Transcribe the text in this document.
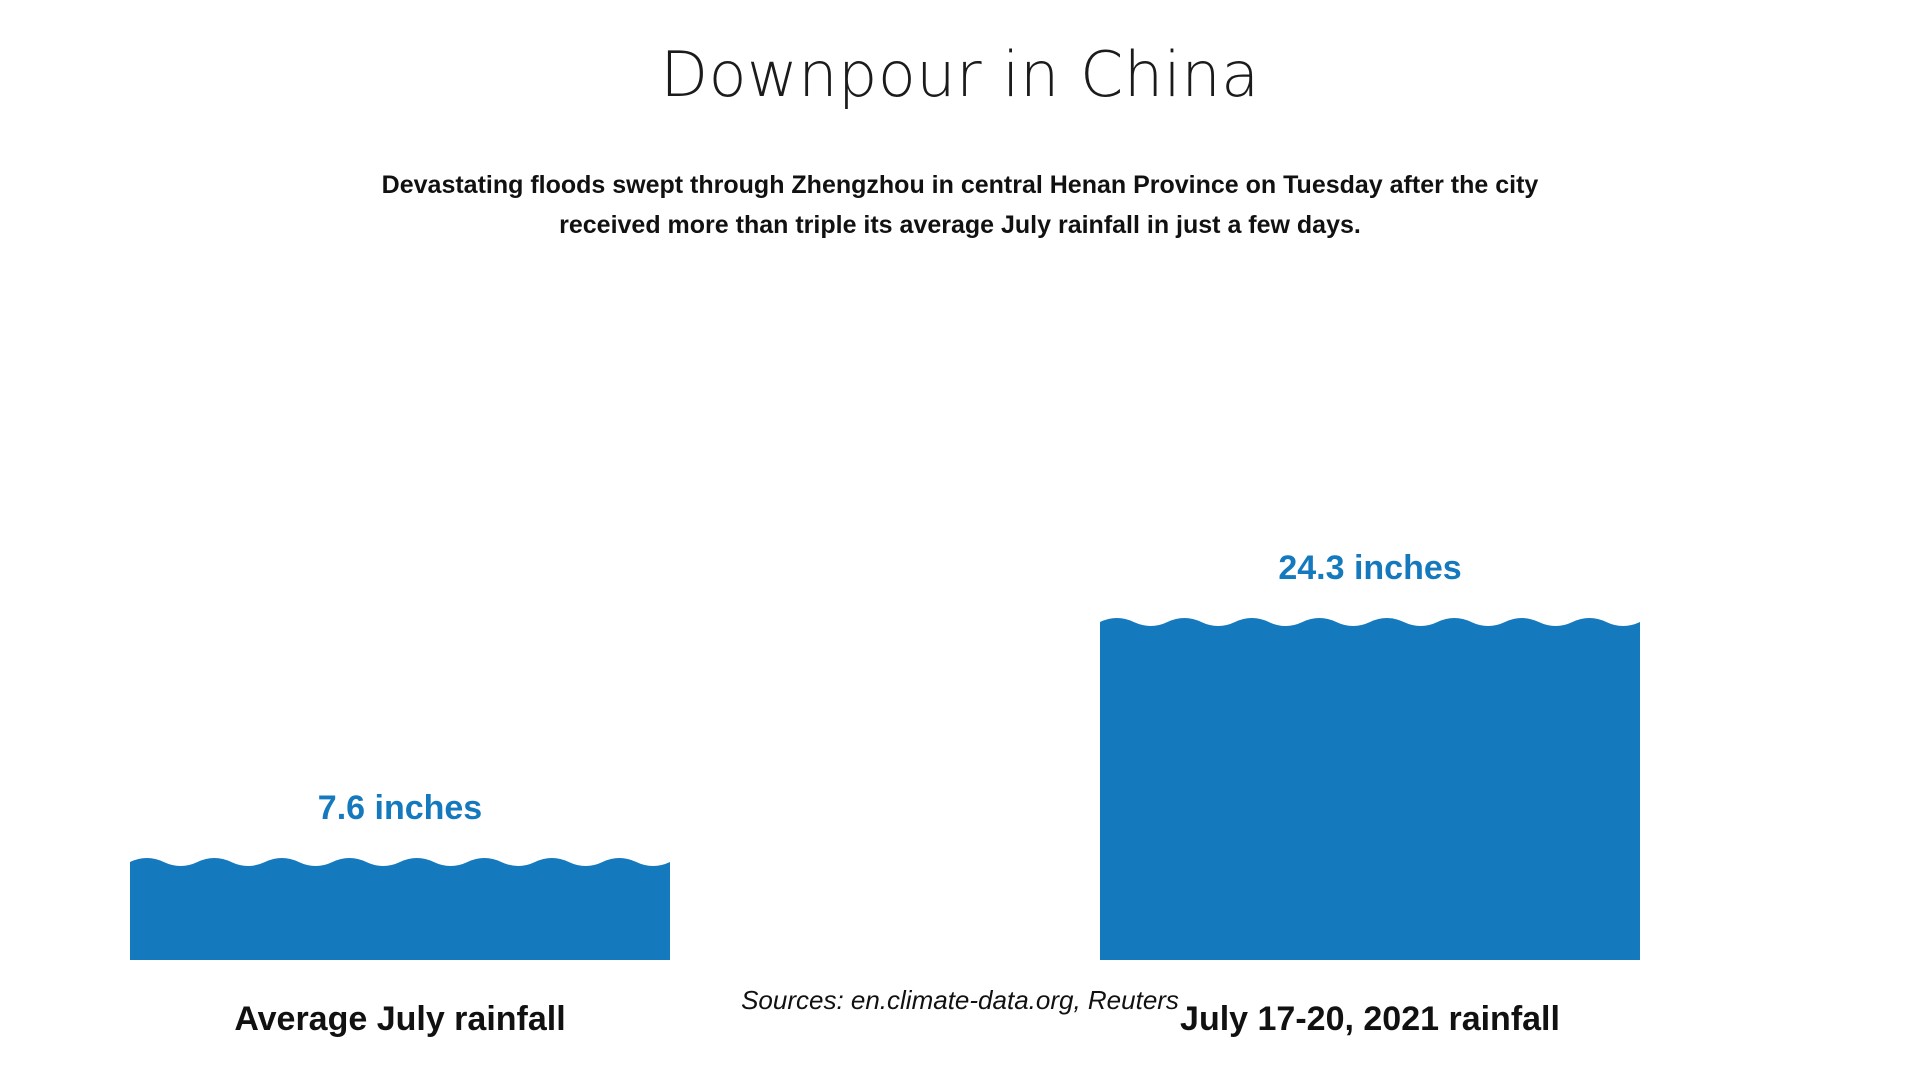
Downpour in China
Devastating floods swept through Zhengzhou in central Henan Province on Tuesday after the city received more than triple its average July rainfall in just a few days.
7.6 inches
Average July rainfall
24.3 inches
July 17-20, 2021 rainfall
Sources: en.climate-data.org, Reuters
